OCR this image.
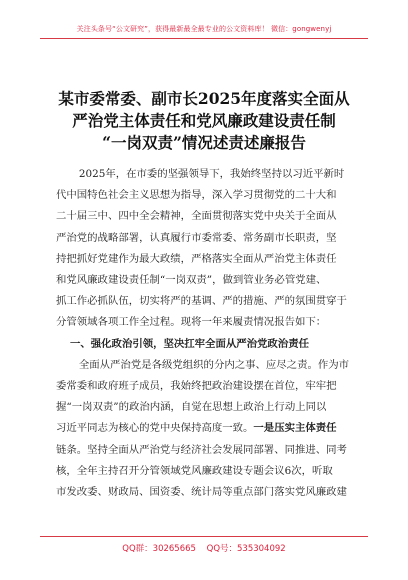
关注头条号“公文研究”，获得最新最全最专业的公文资料库！ 微信：gongwenyj
某市委常委、副市长2025年度落实全面从
严治党主体责任和党风廉政建设责任制
“一岗双责”情况述责述廉报告
2025年，在市委的坚强领导下，我始终坚持以习近平新时
代中国特色社会主义思想为指导，深入学习贯彻党的二十大和
二十届三中、四中全会精神，全面贯彻落实党中央关于全面从
严治党的战略部署，认真履行市委常委、常务副市长职责，坚
持把抓好党建作为最大政绩，严格落实全面从严治党主体责任
和党风廉政建设责任制“一岗双责”，做到管业务必管党建、
抓工作必抓队伍，切实将严的基调、严的措施、严的氛围贯穿于
分管领域各项工作全过程。现将一年来履责情况报告如下：
一、强化政治引领，坚决扛牢全面从严治党政治责任
全面从严治党是各级党组织的分内之事、应尽之责。作为市
委常委和政府班子成员，我始终把政治建设摆在首位，牢牢把
握“一岗双责”的政治内涵，自觉在思想上政治上行动上同以
习近平同志为核心的党中央保持高度一致。一是压实主体责任
链条。坚持全面从严治党与经济社会发展同部署、同推进、同考
核，全年主持召开分管领域党风廉政建设专题会议6次，听取
市发改委、财政局、国资委、统计局等重点部门落实党风廉政建
QQ群：30265665 QQ号：535304092
